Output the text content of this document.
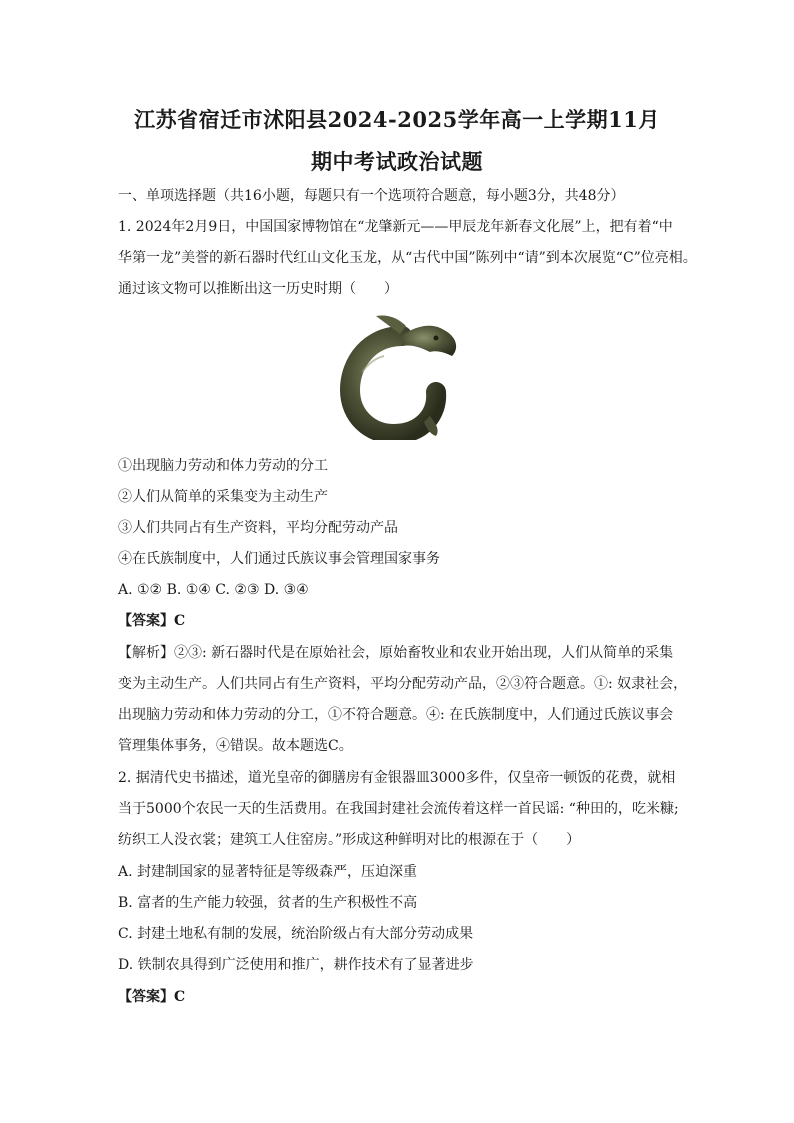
江苏省宿迁市沭阳县2024-2025学年高一上学期11月
期中考试政治试题
一、单项选择题（共16小题，每题只有一个选项符合题意，每小题3分，共48分）
1. 2024年2月9日，中国国家博物馆在“龙肇新元——甲辰龙年新春文化展”上，把有着“中
华第一龙”美誉的新石器时代红山文化玉龙，从“古代中国”陈列中“请”到本次展览“C”位亮相。
通过该文物可以推断出这一历史时期（　　）
①出现脑力劳动和体力劳动的分工
②人们从简单的采集变为主动生产
③人们共同占有生产资料，平均分配劳动产品
④在氏族制度中，人们通过氏族议事会管理国家事务
A. ①② B. ①④ C. ②③ D. ③④
【答案】C
【解析】②③: 新石器时代是在原始社会，原始畜牧业和农业开始出现，人们从简单的采集
变为主动生产。人们共同占有生产资料，平均分配劳动产品，②③符合题意。①: 奴隶社会，
出现脑力劳动和体力劳动的分工，①不符合题意。④: 在氏族制度中，人们通过氏族议事会
管理集体事务，④错误。故本题选C。
2. 据清代史书描述，道光皇帝的御膳房有金银器皿3000多件，仅皇帝一顿饭的花费，就相
当于5000个农民一天的生活费用。在我国封建社会流传着这样一首民谣: “种田的，吃米糠;
纺织工人没衣裳；建筑工人住窑房。”形成这种鲜明对比的根源在于（　　）
A. 封建制国家的显著特征是等级森严，压迫深重
B. 富者的生产能力较强，贫者的生产积极性不高
C. 封建土地私有制的发展，统治阶级占有大部分劳动成果
D. 铁制农具得到广泛使用和推广，耕作技术有了显著进步
【答案】C
